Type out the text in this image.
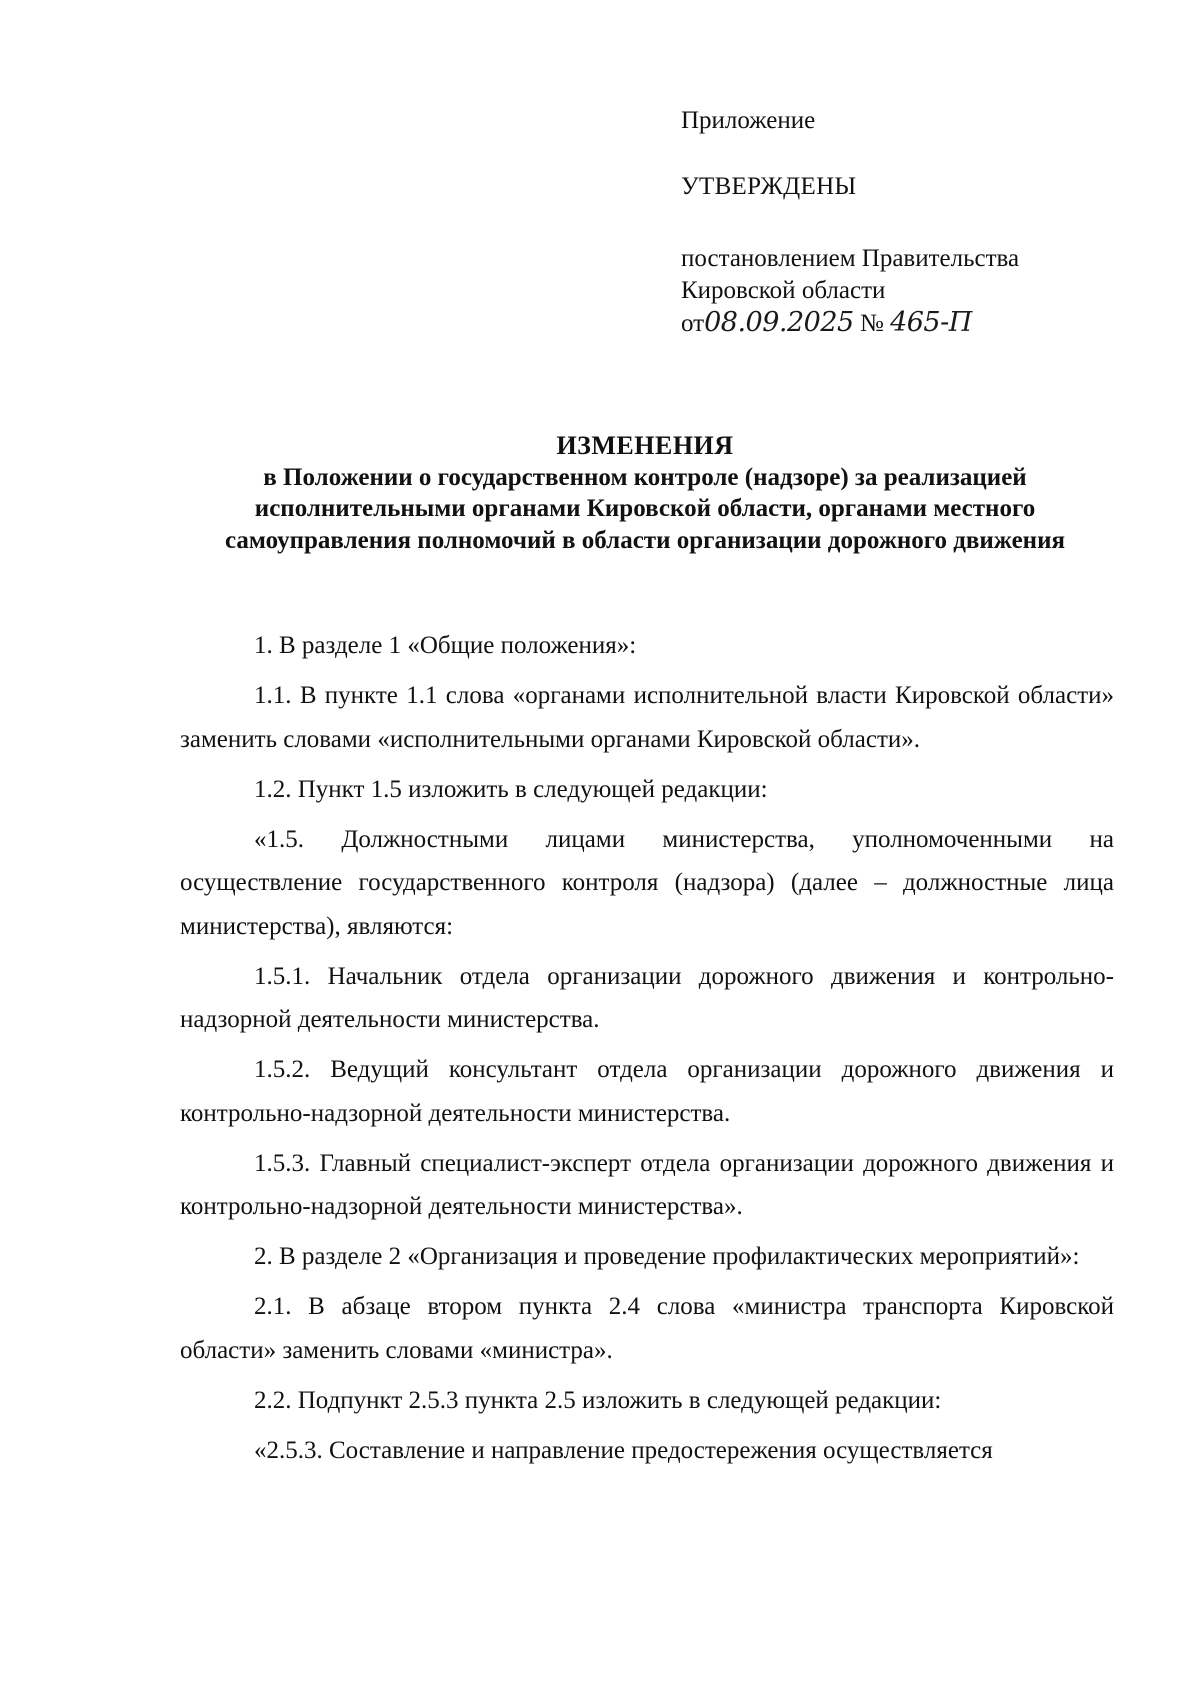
Приложение
УТВЕРЖДЕНЫ
постановлением Правительства
Кировской области
от08.09.2025 № 465-П
ИЗМЕНЕНИЯ
в Положении о государственном контроле (надзоре) за реализацией исполнительными органами Кировской области, органами местного самоуправления полномочий в области организации дорожного движения

1. В разделе 1 «Общие положения»:

1.1. В пункте 1.1 слова «органами исполнительной власти Кировской области» заменить словами «исполнительными органами Кировской области».

1.2. Пункт 1.5 изложить в следующей редакции:

«1.5. Должностными лицами министерства, уполномоченными на осуществление государственного контроля (надзора) (далее – должностные лица министерства), являются:

1.5.1. Начальник отдела организации дорожного движения и контрольно-надзорной деятельности министерства.

1.5.2. Ведущий консультант отдела организации дорожного движения и контрольно-надзорной деятельности министерства.

1.5.3. Главный специалист-эксперт отдела организации дорожного движения и контрольно-надзорной деятельности министерства».

2. В разделе 2 «Организация и проведение профилактических мероприятий»:

2.1. В абзаце втором пункта 2.4 слова «министра транспорта Кировской области» заменить словами «министра».

2.2. Подпункт 2.5.3 пункта 2.5 изложить в следующей редакции:

«2.5.3. Составление и направление предостережения осуществляется
